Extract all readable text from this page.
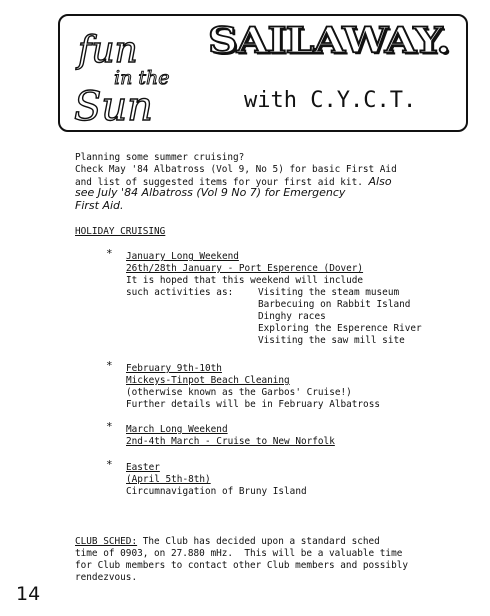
fun
in the
Sun
SAILAWAY.
with C.Y.C.T.
Planning some summer cruising?
Check May '84 Albatross (Vol 9, No 5) for basic First Aid
and list of suggested items for your first aid kit. Also
see July '84 Albatross (Vol 9 No 7) for Emergency
First Aid.
HOLIDAY CRUISING
* January Long Weekend
26th/28th January - Port Esperence (Dover)
It is hoped that this weekend will include
such activities as:	Visiting the steam museum
Barbecuing on Rabbit Island
Dinghy races
Exploring the Esperence River
Visiting the saw mill site
* February 9th-10th
Mickeys-Tinpot Beach Cleaning
(otherwise known as the Garbos' Cruise!)
Further details will be in February Albatross
* March Long Weekend
2nd-4th March - Cruise to New Norfolk
* Easter
(April 5th-8th)
Circumnavigation of Bruny Island
CLUB SCHED: The Club has decided upon a standard sched
time of 0903, on 27.880 mHz.  This will be a valuable time
for Club members to contact other Club members and possibly
rendezvous.
14
